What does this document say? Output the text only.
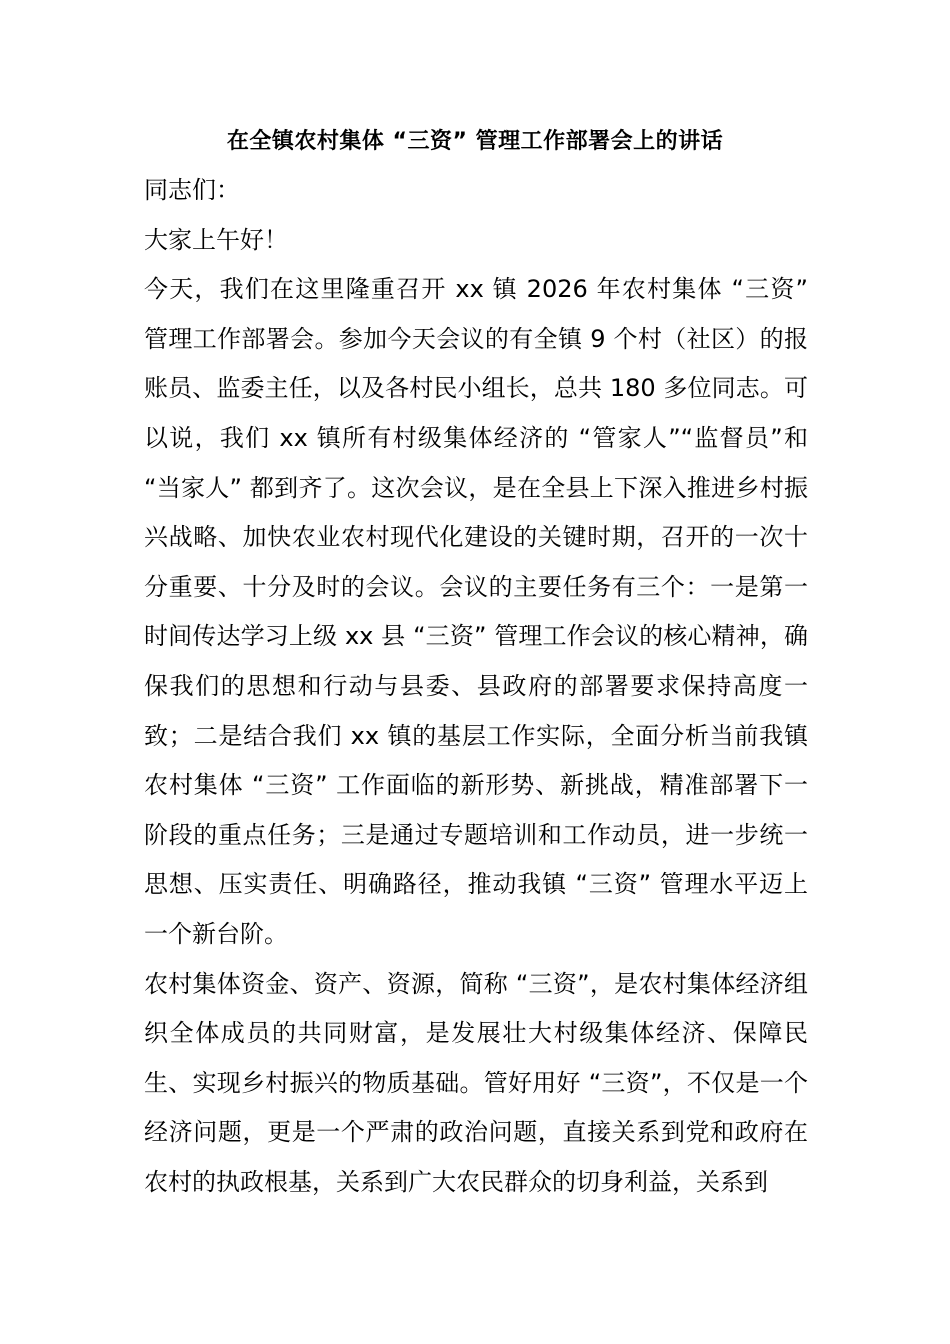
在全镇农村集体 “三资” 管理工作部署会上的讲话

同志们：

大家上午好！

今天，我们在这里隆重召开 xx 镇 2026 年农村集体 “三资” 管理工作部署会。参加今天会议的有全镇 9 个村（社区）的报账员、监委主任，以及各村民小组长，总共 180 多位同志。可以说，我们 xx 镇所有村级集体经济的 “管家人”“监督员”和 “当家人” 都到齐了。这次会议，是在全县上下深入推进乡村振兴战略、加快农业农村现代化建设的关键时期，召开的一次十分重要、十分及时的会议。会议的主要任务有三个：一是第一时间传达学习上级 xx 县 “三资” 管理工作会议的核心精神，确保我们的思想和行动与县委、县政府的部署要求保持高度一致；二是结合我们 xx 镇的基层工作实际，全面分析当前我镇农村集体 “三资” 工作面临的新形势、新挑战，精准部署下一阶段的重点任务；三是通过专题培训和工作动员，进一步统一思想、压实责任、明确路径，推动我镇 “三资” 管理水平迈上一个新台阶。

农村集体资金、资产、资源，简称 “三资”，是农村集体经济组织全体成员的共同财富，是发展壮大村级集体经济、保障民生、实现乡村振兴的物质基础。管好用好 “三资”，不仅是一个经济问题，更是一个严肃的政治问题，直接关系到党和政府在农村的执政根基，关系到广大农民群众的切身利益，关系到
